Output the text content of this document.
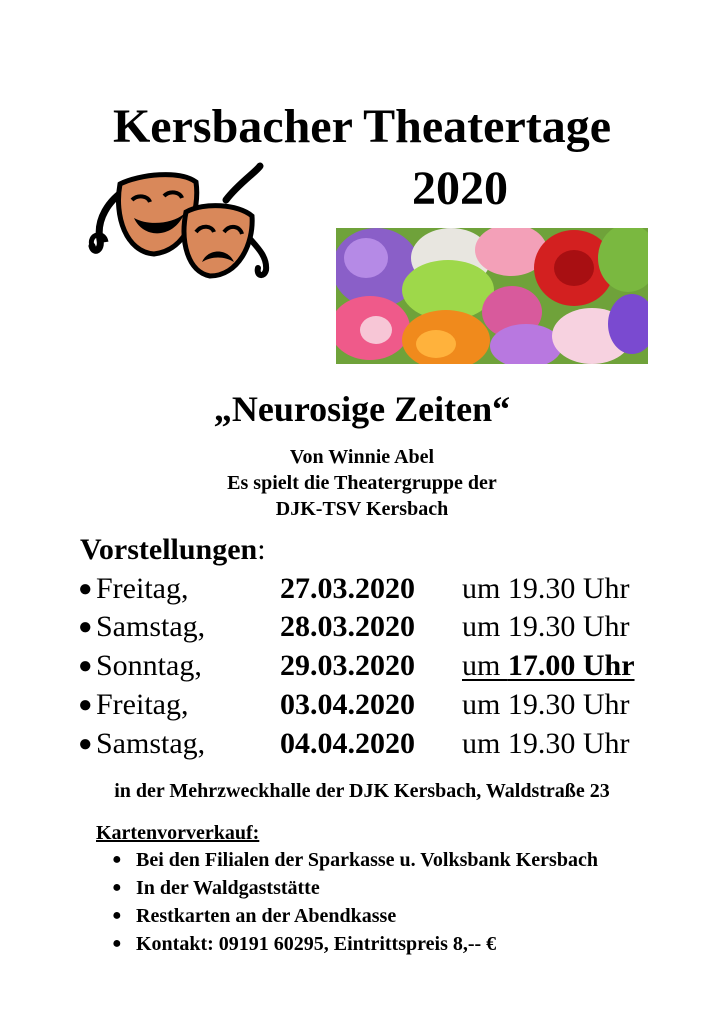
Kersbacher Theatertage
2020
„Neurosige Zeiten“
Von Winnie Abel
Es spielt die Theatergruppe der
DJK-TSV Kersbach
Vorstellungen:
● Freitag,	27.03.2020 um 19.30 Uhr
● Samstag, 28.03.2020 um 19.30 Uhr
● Sonntag,	29.03.2020 um 17.00 Uhr
● Freitag,	03.04.2020 um 19.30 Uhr
● Samstag, 04.04.2020 um 19.30 Uhr
in der Mehrzweckhalle der DJK Kersbach, Waldstraße 23
Kartenvorverkauf:
● Bei den Filialen der Sparkasse u. Volksbank Kersbach
● In der Waldgaststätte
● Restkarten an der Abendkasse
● Kontakt: 09191 60295, Eintrittspreis 8,-- €
